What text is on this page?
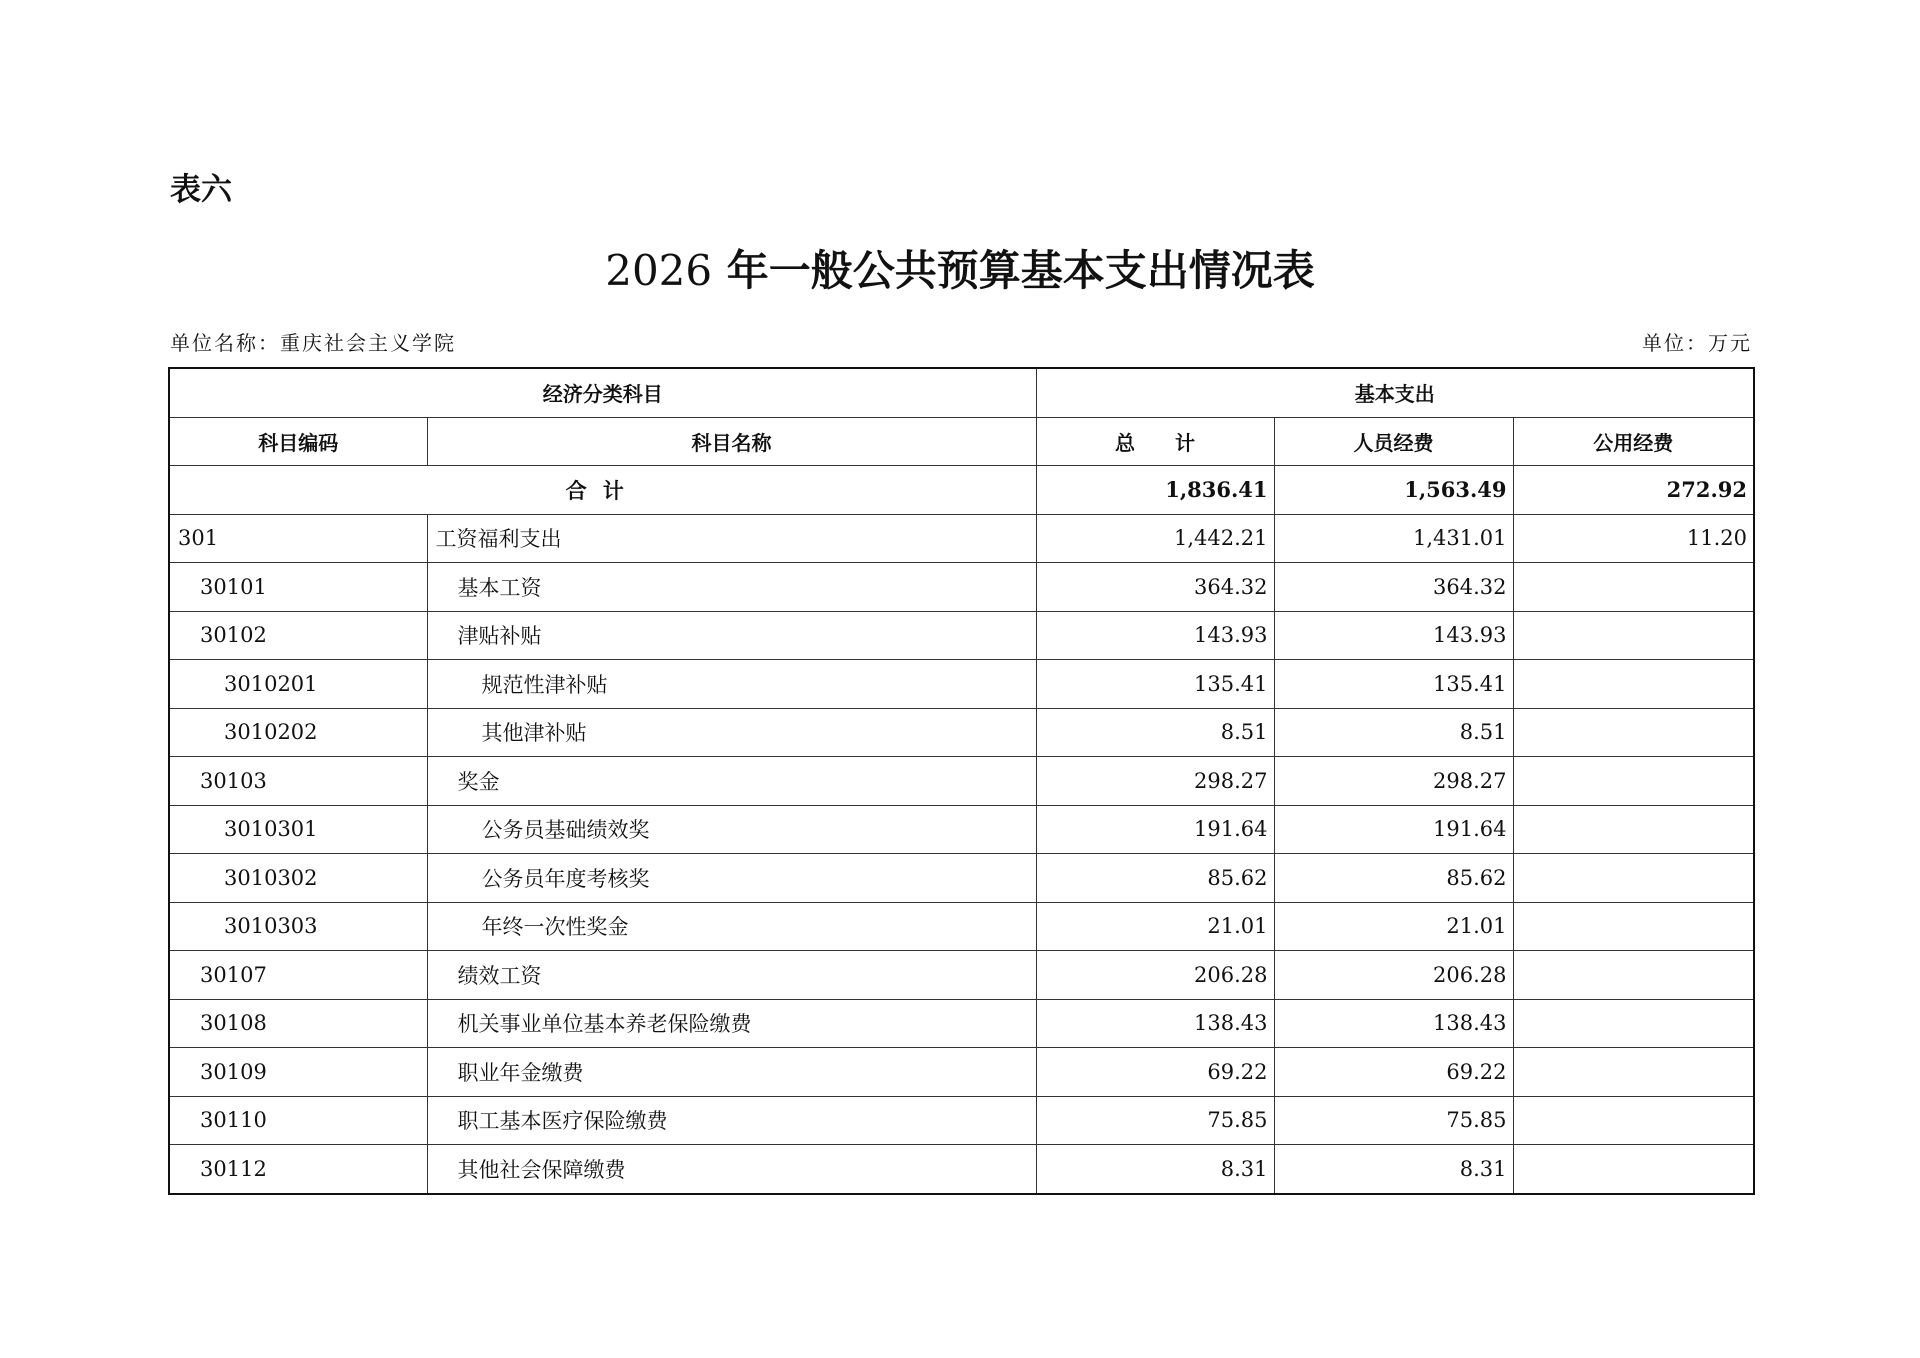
表六
2026 年一般公共预算基本支出情况表
单位名称：重庆社会主义学院	单位：万元
经济分类科目		基本支出		
科目编码	科目名称	总　　计	人员经费	公用经费
合计		1,836.41	1,563.49	272.92
301	工资福利支出	1,442.21	1,431.01	11.20
30101	基本工资	364.32	364.32	
30102	津贴补贴	143.93	143.93	
3010201	规范性津补贴	135.41	135.41	
3010202	其他津补贴	8.51	8.51	
30103	奖金	298.27	298.27	
3010301	公务员基础绩效奖	191.64	191.64	
3010302	公务员年度考核奖	85.62	85.62	
3010303	年终一次性奖金	21.01	21.01	
30107	绩效工资	206.28	206.28	
30108	机关事业单位基本养老保险缴费	138.43	138.43	
30109	职业年金缴费	69.22	69.22	
30110	职工基本医疗保险缴费	75.85	75.85	
30112	其他社会保障缴费	8.31	8.31	
